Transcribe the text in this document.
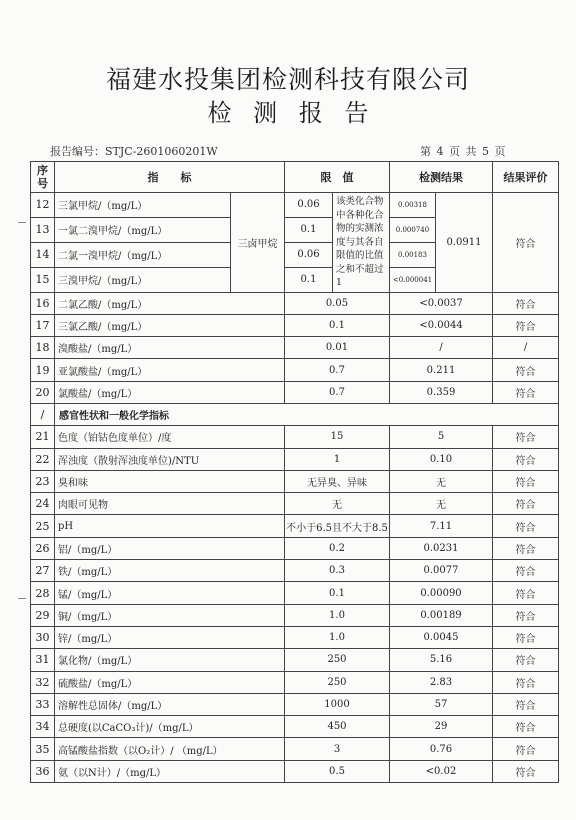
福建水投集团检测科技有限公司
检 测 报 告
报告编号：STJC-2601060201W	第 4 页 共 5 页
序
号	指　　标		限　值		检测结果		结果评价
12	三氯甲烷/（mg/L）	三卤甲烷	0.06	该类化合物中各种化合物的实测浓度与其各自限值的比值之和不超过1	0.00318	0.0911	符合
13	一氯二溴甲烷/（mg/L）		0.1		0.000740		
14	二氯一溴甲烷/（mg/L）		0.06		0.00183		
15	三溴甲烷/（mg/L）		0.1		<0.000041		
16	二氯乙酸/（mg/L）		0.05		<0.0037		符合
17	三氯乙酸/（mg/L）		0.1		<0.0044		符合
18	溴酸盐/（mg/L）		0.01		/		/
19	亚氯酸盐/（mg/L）		0.7		0.211		符合
20	氯酸盐/（mg/L）		0.7		0.359		符合
/	感官性状和一般化学指标						
21	色度（铂钴色度单位）/度		15		5		符合
22	浑浊度（散射浑浊度单位)/NTU		1		0.10		符合
23	臭和味		无异臭、异味		无		符合
24	肉眼可见物		无		无		符合
25	pH		不小于6.5且不大于8.5		7.11		符合
26	铝/（mg/L）		0.2		0.0231		符合
27	铁/（mg/L）		0.3		0.0077		符合
28	锰/（mg/L）		0.1		0.00090		符合
29	铜/（mg/L）		1.0		0.00189		符合
30	锌/（mg/L）		1.0		0.0045		符合
31	氯化物/（mg/L）		250		5.16		符合
32	硫酸盐/（mg/L）		250		2.83		符合
33	溶解性总固体/（mg/L）		1000		57		符合
34	总硬度(以CaCO₃计)/（mg/L）		450		29		符合
35	高锰酸盐指数（以O₂计）/ （mg/L）		3		0.76		符合
36	氨（以N计）/（mg/L）		0.5		<0.02		符合
